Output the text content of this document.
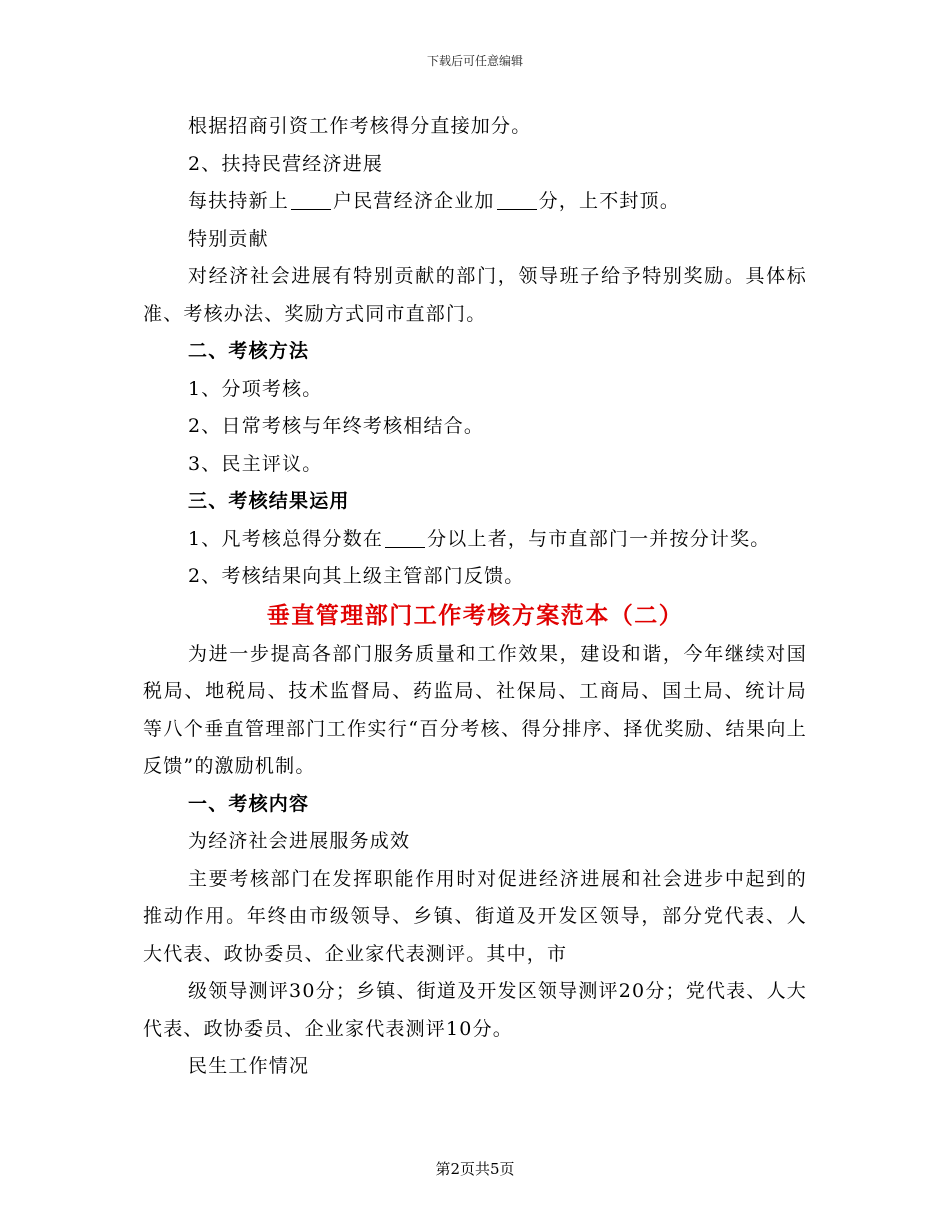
下载后可任意编辑

根据招商引资工作考核得分直接加分。

2、扶持民营经济进展

每扶持新上 户民营经济企业加 分，上不封顶。

特别贡献

对经济社会进展有特别贡献的部门，领导班子给予特别奖励。具体标准、考核办法、奖励方式同市直部门。

二、考核方法

1、分项考核。

2、日常考核与年终考核相结合。

3、民主评议。

三、考核结果运用

1、凡考核总得分数在 分以上者，与市直部门一并按分计奖。

2、考核结果向其上级主管部门反馈。

垂直管理部门工作考核方案范本（二）

为进一步提高各部门服务质量和工作效果，建设和谐，今年继续对国税局、地税局、技术监督局、药监局、社保局、工商局、国土局、统计局等八个垂直管理部门工作实行“百分考核、得分排序、择优奖励、结果向上反馈”的激励机制。

一、考核内容

为经济社会进展服务成效

主要考核部门在发挥职能作用时对促进经济进展和社会进步中起到的推动作用。年终由市级领导、乡镇、街道及开发区领导，部分党代表、人大代表、政协委员、企业家代表测评。其中，市

级领导测评30分；乡镇、街道及开发区领导测评20分；党代表、人大代表、政协委员、企业家代表测评10分。

民生工作情况

第2页共5页
